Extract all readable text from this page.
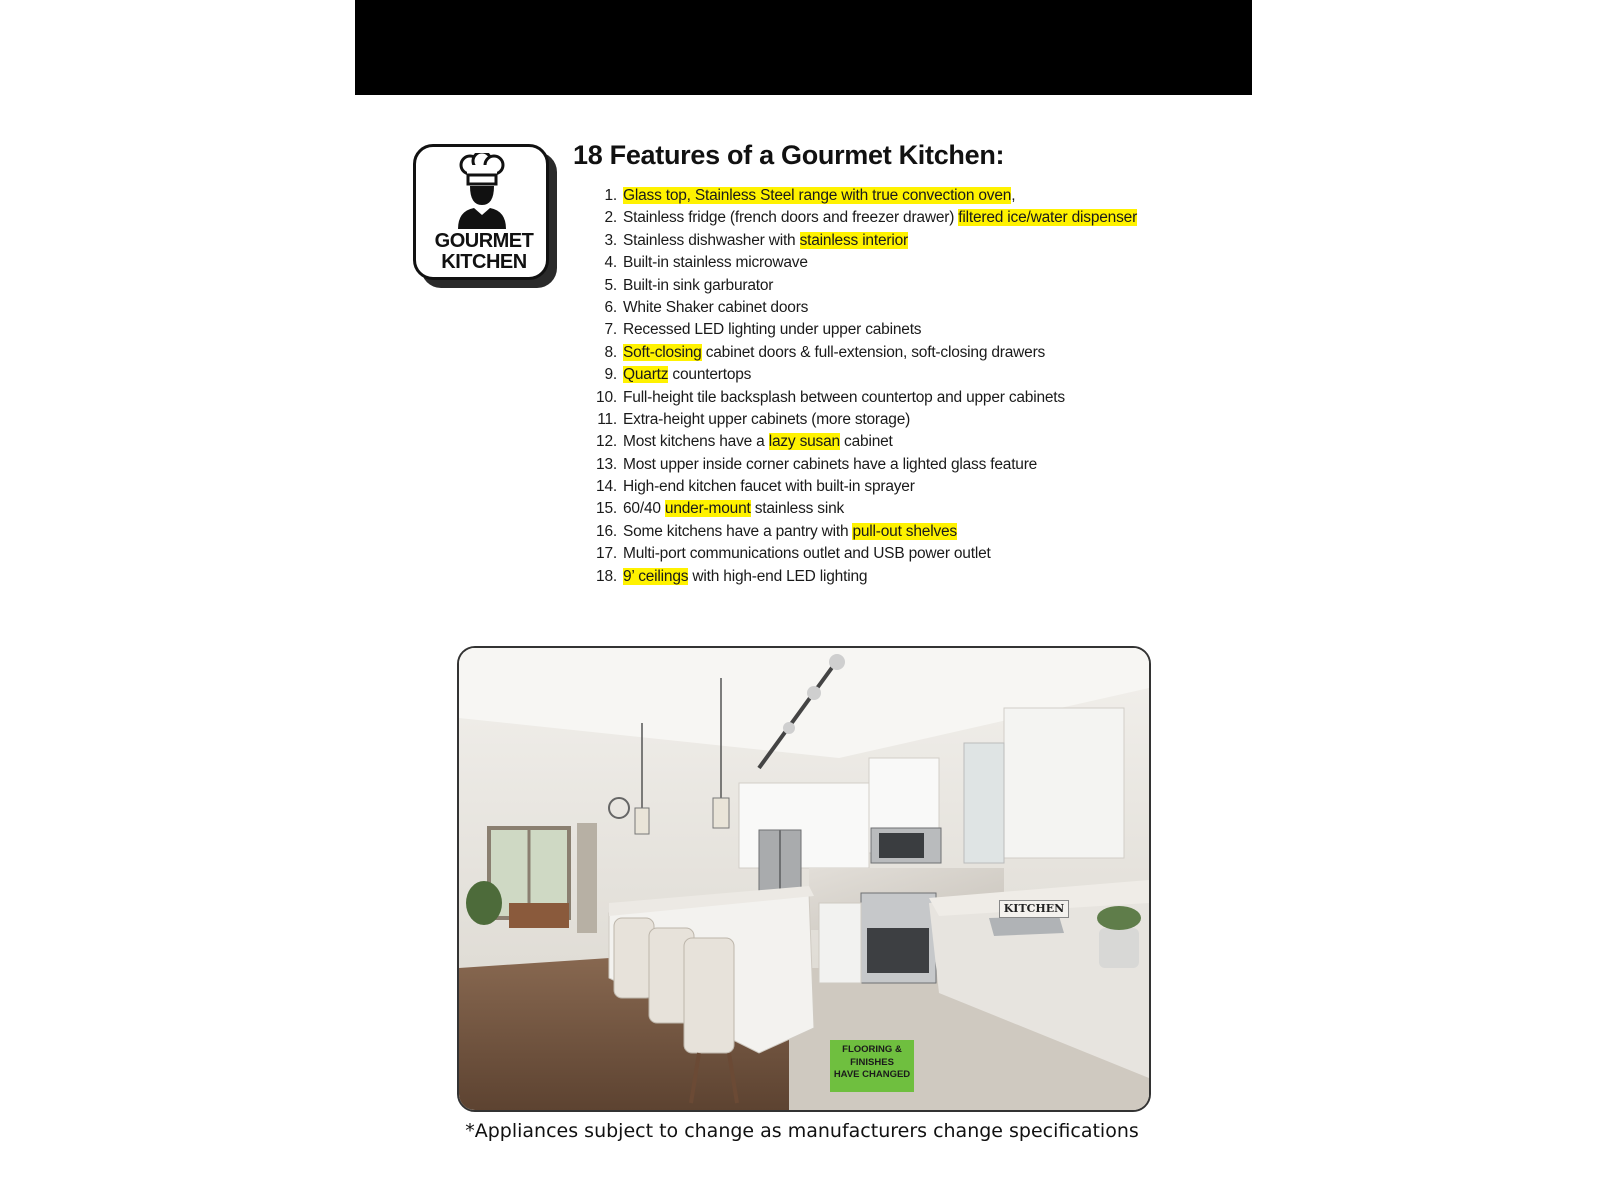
GOURMET
KITCHEN
18 Features of a Gourmet Kitchen:
1. Glass top, Stainless Steel range with true convection oven,
2. Stainless fridge (french doors and freezer drawer) filtered ice/water dispenser
3. Stainless dishwasher with stainless interior
4. Built-in stainless microwave
5. Built-in sink garburator
6. White Shaker cabinet doors
7. Recessed LED lighting under upper cabinets
8. Soft-closing cabinet doors & full-extension, soft-closing drawers
9. Quartz countertops
10. Full-height tile backsplash between countertop and upper cabinets
11. Extra-height upper cabinets (more storage)
12. Most kitchens have a lazy susan cabinet
13. Most upper inside corner cabinets have a lighted glass feature
14. High-end kitchen faucet with built-in sprayer
15. 60/40 under-mount stainless sink
16. Some kitchens have a pantry with pull-out shelves
17. Multi-port communications outlet and USB power outlet
18. 9’ ceilings with high-end LED lighting
KITCHEN
FLOORING &
FINISHES
HAVE CHANGED

*Appliances subject to change as manufacturers change specifications
